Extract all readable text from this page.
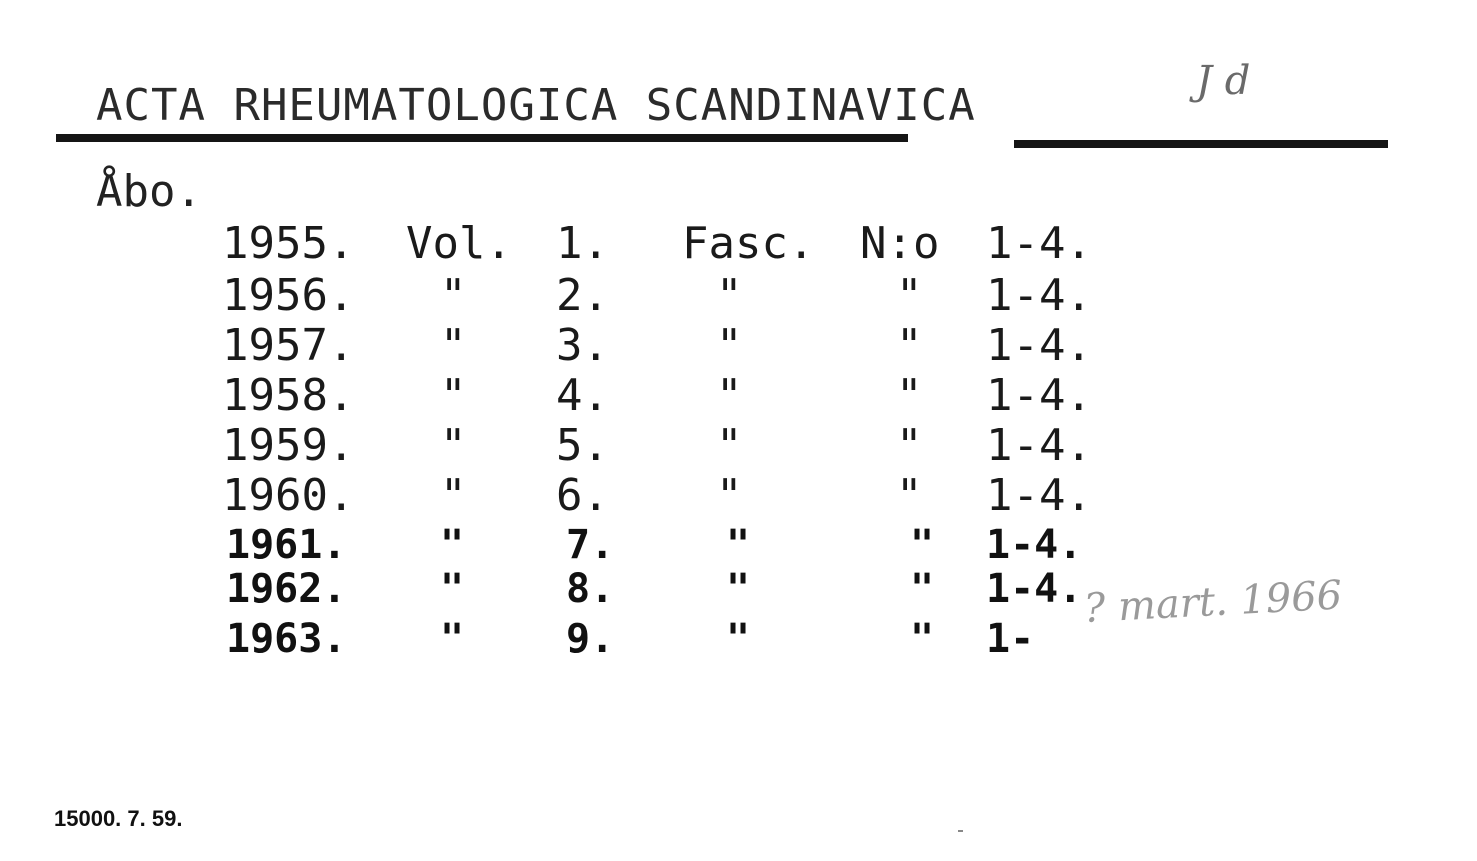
ACTA RHEUMATOLOGICA SCANDINAVICA	J d
Åbo.
1955. Vol. 1. Fasc. N:o 1-4.
1956. " 2. "	" 1-4.
1957. " 3. "	" 1-4.
1958. " 4. "	" 1-4.
1959. " 5. "	" 1-4.
1960. " 6. "	" 1-4.
1961. "	7.	"	" 1-4.
1962. "	8.	"	" 1-4.
1963. "	9.	"	" 1-
? mart. 1966
15000. 7. 59.
